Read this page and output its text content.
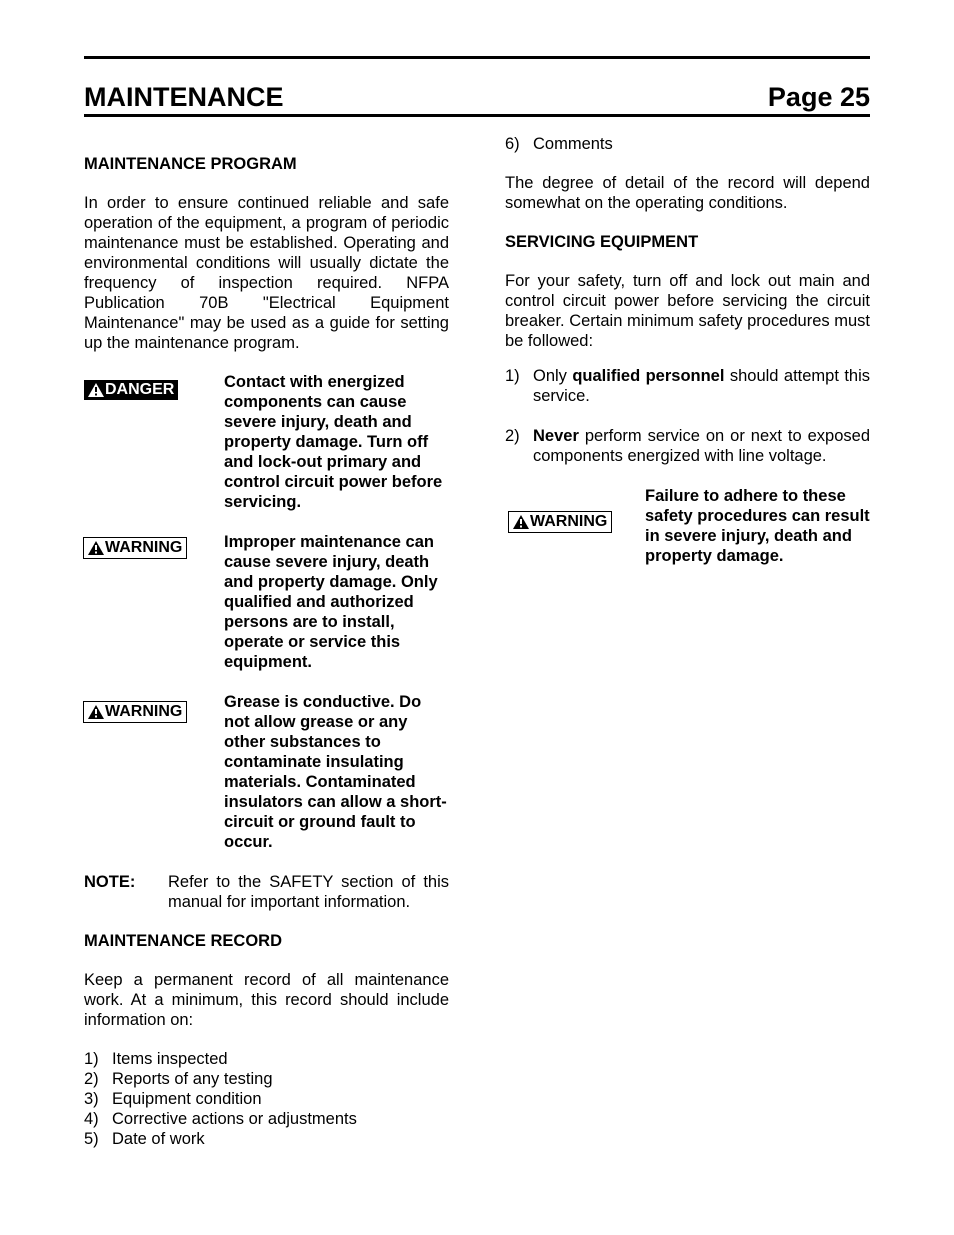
MAINTENANCE	Page 25
MAINTENANCE PROGRAM
In order to ensure continued reliable and safe operation of the equipment, a program of periodic maintenance must be established. Operating and environmental conditions will usually dictate the frequency of inspection required. NFPA Publication 70B "Electrical Equipment Maintenance" may be used as a guide for setting up the maintenance program.
DANGER	Contact with energized components can cause severe injury, death and property damage. Turn off and lock-out primary and control circuit power before servicing.
WARNING	Improper maintenance can cause severe injury, death and property damage. Only qualified and authorized persons are to install, operate or service this equipment.
WARNING
Grease is conductive. Do not allow grease or any other substances to contaminate insulating materials. Contaminated insulators can allow a short-circuit or ground fault to occur.
NOTE:	Refer to the SAFETY section of this manual for important information.
MAINTENANCE RECORD
Keep a permanent record of all maintenance work. At a minimum, this record should include information on:
1) Items inspected
2) Reports of any testing
3) Equipment condition
4) Corrective actions or adjustments
5) Date of work
6) Comments
The degree of detail of the record will depend somewhat on the operating conditions.
SERVICING EQUIPMENT
For your safety, turn off and lock out main and control circuit power before servicing the circuit breaker. Certain minimum safety procedures must be followed:
1) Only qualified personnel should attempt this service.
2) Never perform service on or next to exposed components energized with line voltage.
WARNING
Failure to adhere to these safety procedures can result in severe injury, death and property damage.
